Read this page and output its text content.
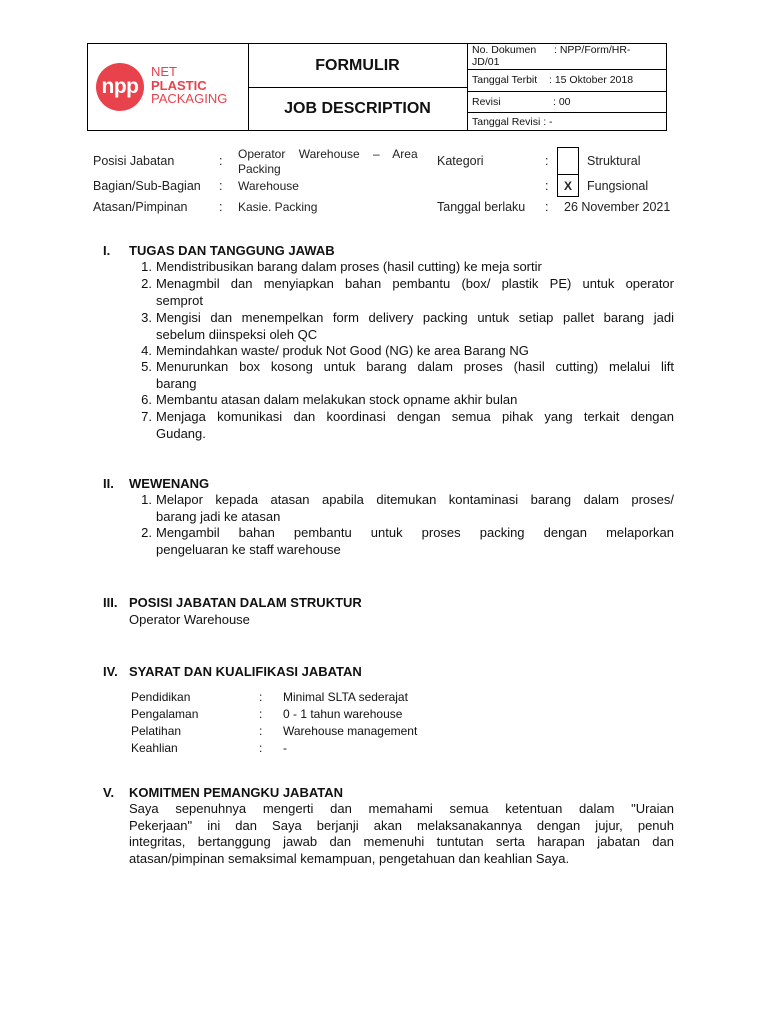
npp
NET
PLASTIC
PACKAGING
FORMULIR
JOB DESCRIPTION
No. Dokumen : NPP/Form/HR-
JD/01
Tanggal Terbit : 15 Oktober 2018
Revisi	: 00
Tanggal Revisi : -
Posisi Jabatan	: Operator    Warehouse    –    Area
Packing
Bagian/Sub-Bagian : Warehouse
Atasan/Pimpinan	: Kasie. Packing
Kategori	:	Struktural
:	X	Fungsional
Tanggal berlaku : 26 November 2021
I. TUGAS DAN TANGGUNG JAWAB
1. Mendistribusikan barang dalam proses (hasil cutting) ke meja sortir
2. Menagmbil dan menyiapkan bahan pembantu (box/ plastik PE) untuk operator
semprot
3. Mengisi dan menempelkan form delivery packing untuk setiap pallet barang jadi
sebelum diinspeksi oleh QC
4. Memindahkan waste/ produk Not Good (NG) ke area Barang NG
5. Menurunkan box kosong untuk barang dalam proses (hasil cutting) melalui lift
barang
6. Membantu atasan dalam melakukan stock opname akhir bulan
7. Menjaga komunikasi dan koordinasi dengan semua pihak yang terkait dengan
Gudang.
II. WEWENANG
1. Melapor kepada atasan apabila ditemukan kontaminasi barang dalam proses/
barang jadi ke atasan
2. Mengambil bahan pembantu untuk proses packing dengan melaporkan
pengeluaran ke staff warehouse
III. POSISI JABATAN DALAM STRUKTUR
Operator Warehouse
IV. SYARAT DAN KUALIFIKASI JABATAN
Pendidikan	: Minimal SLTA sederajat
Pengalaman	: 0 - 1 tahun warehouse
Pelatihan	: Warehouse management
Keahlian	: -
V. KOMITMEN PEMANGKU JABATAN
Saya sepenuhnya mengerti dan memahami semua ketentuan dalam "Uraian
Pekerjaan" ini dan Saya berjanji akan melaksanakannya dengan jujur, penuh
integritas, bertanggung jawab dan memenuhi tuntutan serta harapan jabatan dan
atasan/pimpinan semaksimal kemampuan, pengetahuan dan keahlian Saya.
